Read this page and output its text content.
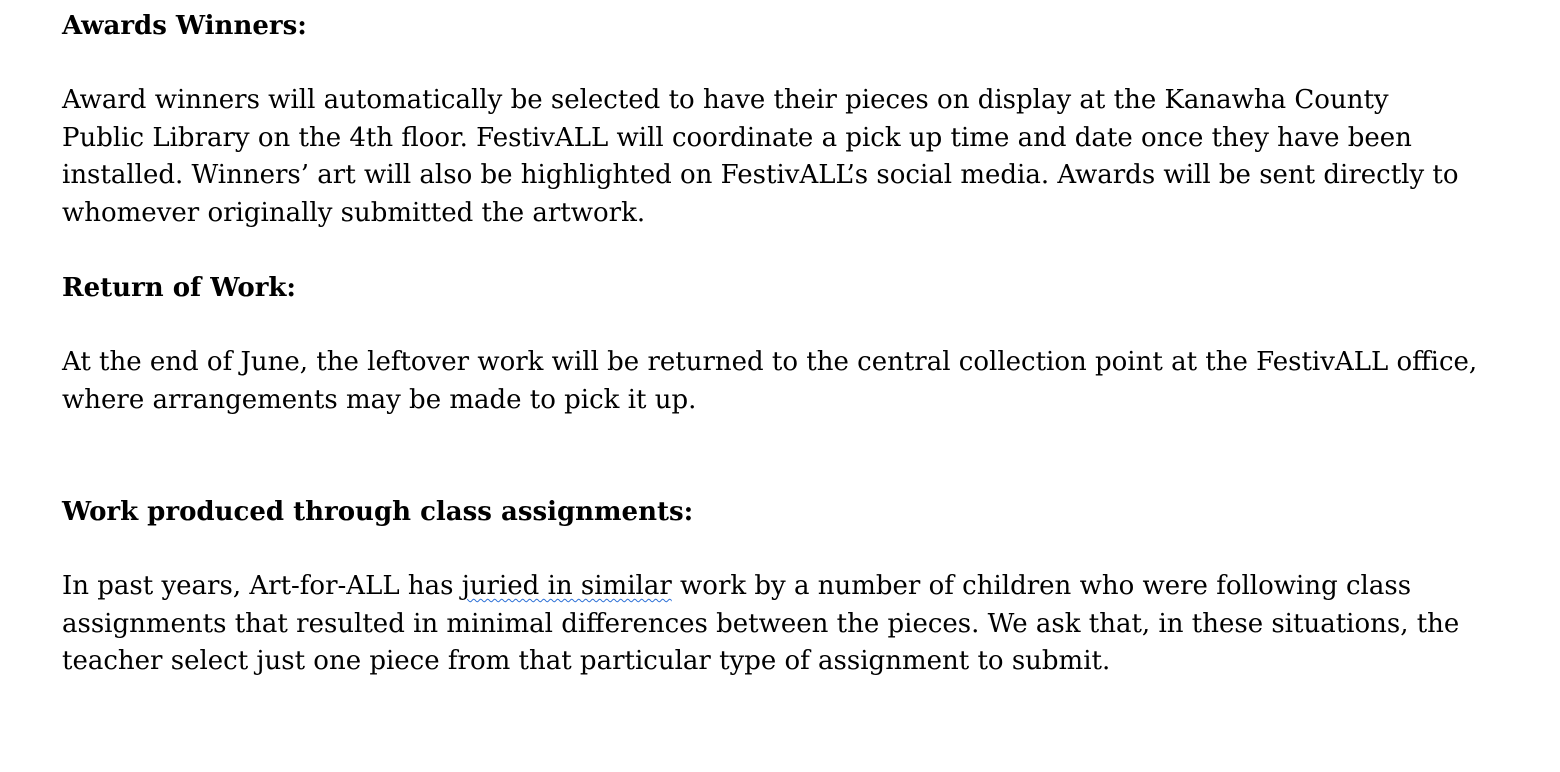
Awards Winners:
Award winners will automatically be selected to have their pieces on display at the Kanawha County
Public Library on the 4th floor. FestivALL will coordinate a pick up time and date once they have been
installed. Winners’ art will also be highlighted on FestivALL’s social media. Awards will be sent directly to
whomever originally submitted the artwork.
Return of Work:
At the end of June, the leftover work will be returned to the central collection point at the FestivALL office,
where arrangements may be made to pick it up.
Work produced through class assignments:
In past years, Art-for-ALL has juried in similar work by a number of children who were following class
assignments that resulted in minimal differences between the pieces. We ask that, in these situations, the
teacher select just one piece from that particular type of assignment to submit.
